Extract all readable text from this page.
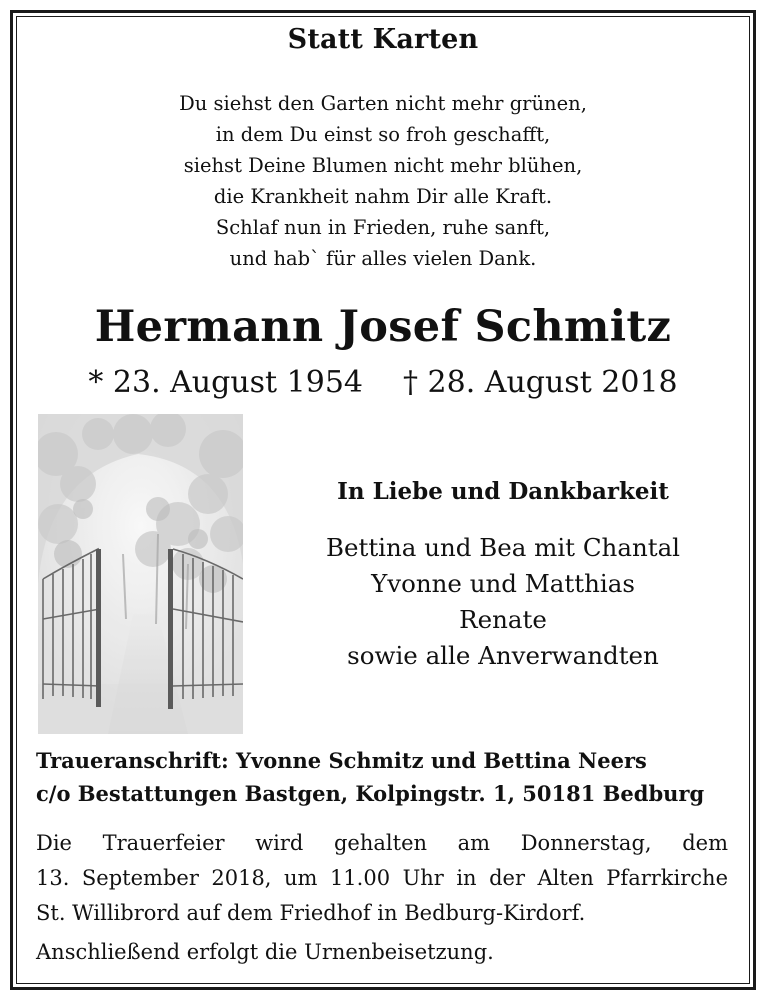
Statt Karten
Du siehst den Garten nicht mehr grünen,
in dem Du einst so froh geschafft,
siehst Deine Blumen nicht mehr blühen,
die Krankheit nahm Dir alle Kraft.
Schlaf nun in Frieden, ruhe sanft,
und hab` für alles vielen Dank.
Hermann Josef Schmitz
* 23. August 1954 † 28. August 2018
In Liebe und Dankbarkeit
Bettina und Bea mit Chantal
Yvonne und Matthias
Renate
sowie alle Anverwandten
Traueranschrift: Yvonne Schmitz und Bettina Neers
c/o Bestattungen Bastgen, Kolpingstr. 1, 50181 Bedburg
Die Trauerfeier wird gehalten am Donnerstag, dem
13. September 2018, um 11.00 Uhr in der Alten Pfarrkirche
St. Willibrord auf dem Friedhof in Bedburg-Kirdorf.
Anschließend erfolgt die Urnenbeisetzung.
